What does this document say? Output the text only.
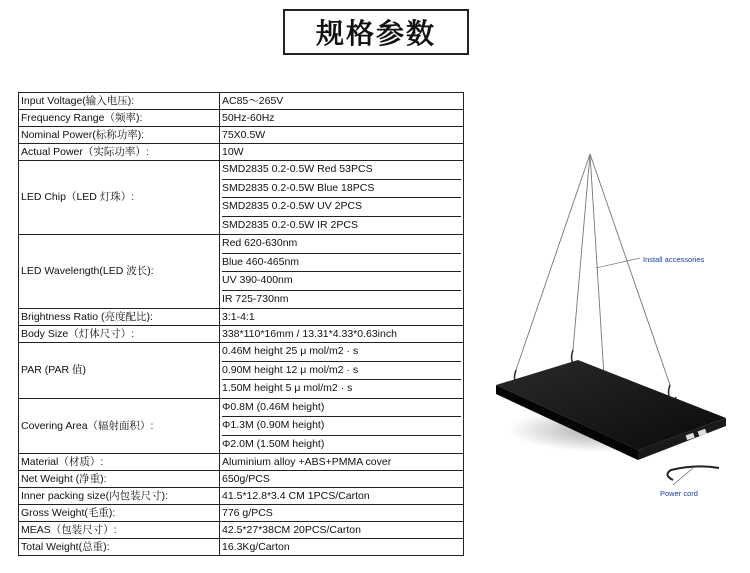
规格参数
Input Voltage(输入电压):	AC85～265V
Frequency Range（频率):	50Hz-60Hz
Nominal Power(标称功率):	75X0.5W
Actual Power（实际功率）:	10W
LED Chip（LED 灯珠）:	SMD2835 0.2-0.5W Red 53PCS
SMD2835 0.2-0.5W Blue 18PCS
SMD2835 0.2-0.5W UV 2PCS
SMD2835 0.2-0.5W IR 2PCS

LED Wavelength(LED 波长):	Red 620-630nm
Blue 460-465nm
UV 390-400nm
IR 725-730nm

Brightness Ratio (亮度配比):	3:1-4:1
Body Size（灯体尺寸）:	338*110*16mm / 13.31*4.33*0.63inch
PAR (PAR 值)	0.46M height 25 μ mol/m2 · s
0.90M height 12 μ mol/m2 · s
1.50M height 5 μ mol/m2 · s

Covering Area（辐射面积）:	Φ0.8M (0.46M height)
Φ1.3M (0.90M height)
Φ2.0M (1.50M height)

Material（材质）:	Aluminium alloy +ABS+PMMA cover
Net Weight (净重):	650g/PCS
Inner packing size(内包装尺寸):	41.5*12.8*3.4 CM 1PCS/Carton
Gross Weight(毛重):	776 g/PCS
MEAS（包装尺寸）:	42.5*27*38CM 20PCS/Carton
Total Weight(总重):	16.3Kg/Carton
Install accessories
Power cord
